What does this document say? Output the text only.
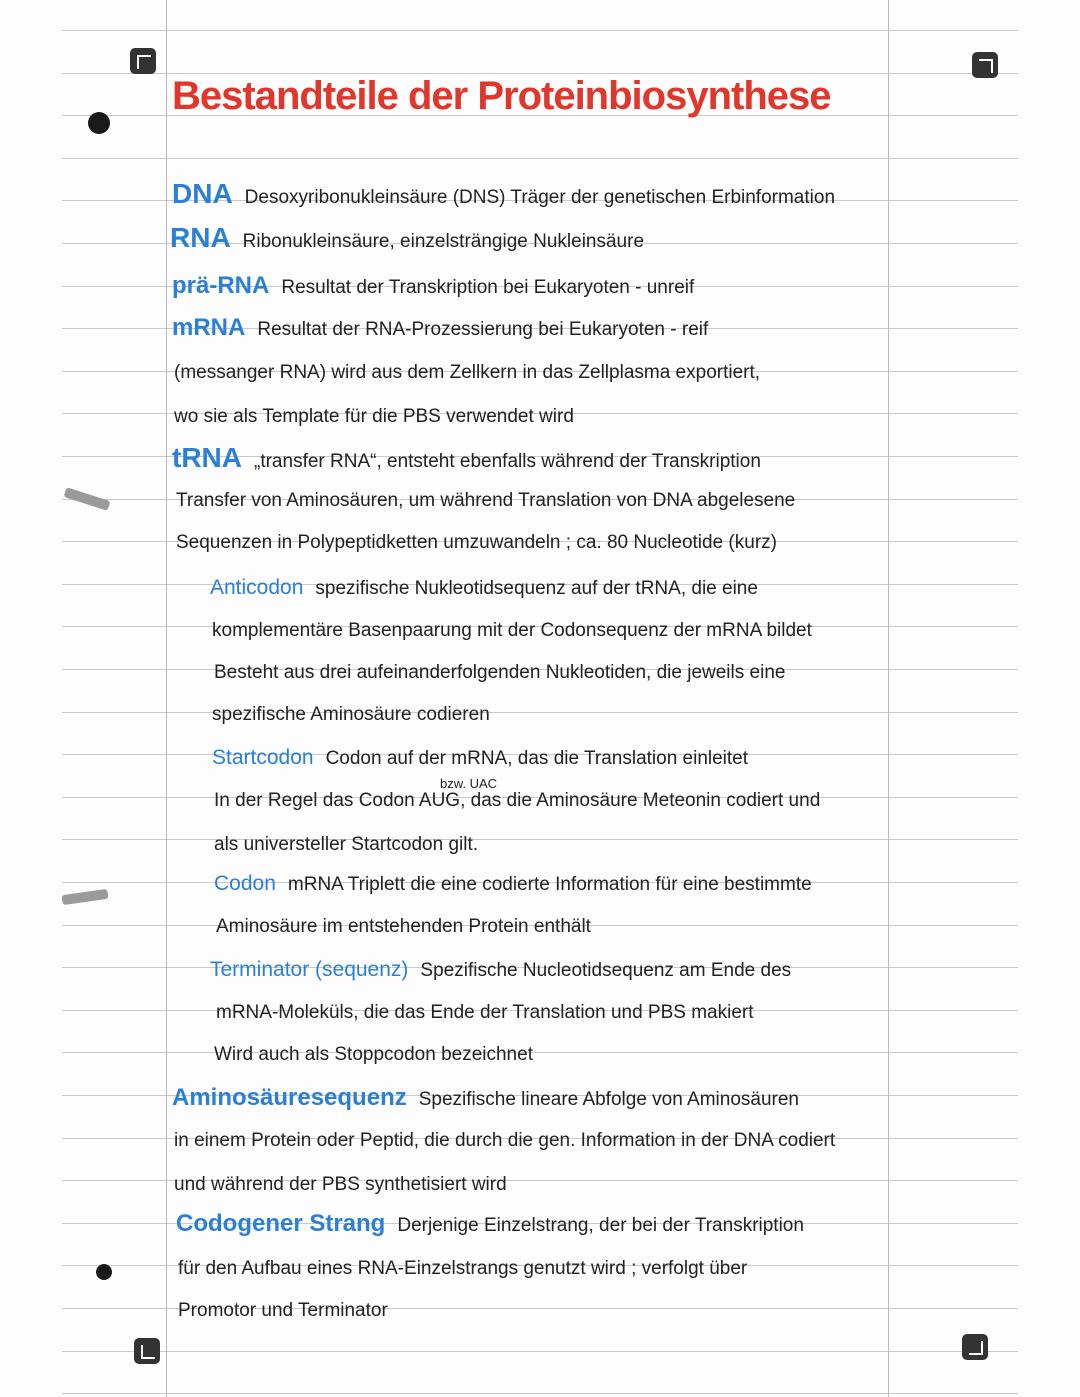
Bestandteile der Proteinbiosynthese
DNA Desoxyribonukleinsäure (DNS) Träger der genetischen Erbinformation
RNA Ribonukleinsäure, einzelsträngige Nukleinsäure
prä-RNA Resultat der Transkription bei Eukaryoten - unreif
mRNA Resultat der RNA-Prozessierung bei Eukaryoten - reif
(messanger RNA) wird aus dem Zellkern in das Zellplasma exportiert,
wo sie als Template für die PBS verwendet wird
tRNA „transfer RNA“, entsteht ebenfalls während der Transkription
Transfer von Aminosäuren, um während Translation von DNA abgelesene
Sequenzen in Polypeptidketten umzuwandeln ; ca. 80 Nucleotide (kurz)
Anticodon spezifische Nukleotidsequenz auf der tRNA, die eine
komplementäre Basenpaarung mit der Codonsequenz der mRNA bildet
Besteht aus drei aufeinanderfolgenden Nukleotiden, die jeweils eine
spezifische Aminosäure codieren
Startcodon Codon auf der mRNA, das die Translation einleitet
bzw. UAC
In der Regel das Codon AUG, das die Aminosäure Meteonin codiert und
als universteller Startcodon gilt.
Codon mRNA Triplett die eine codierte Information für eine bestimmte
Aminosäure im entstehenden Protein enthält
Terminator (sequenz) Spezifische Nucleotidsequenz am Ende des
mRNA-Moleküls, die das Ende der Translation und PBS makiert
Wird auch als Stoppcodon bezeichnet
Aminosäuresequenz Spezifische lineare Abfolge von Aminosäuren
in einem Protein oder Peptid, die durch die gen. Information in der DNA codiert
und während der PBS synthetisiert wird
Codogener Strang Derjenige Einzelstrang, der bei der Transkription
für den Aufbau eines RNA-Einzelstrangs genutzt wird ; verfolgt über
Promotor und Terminator
